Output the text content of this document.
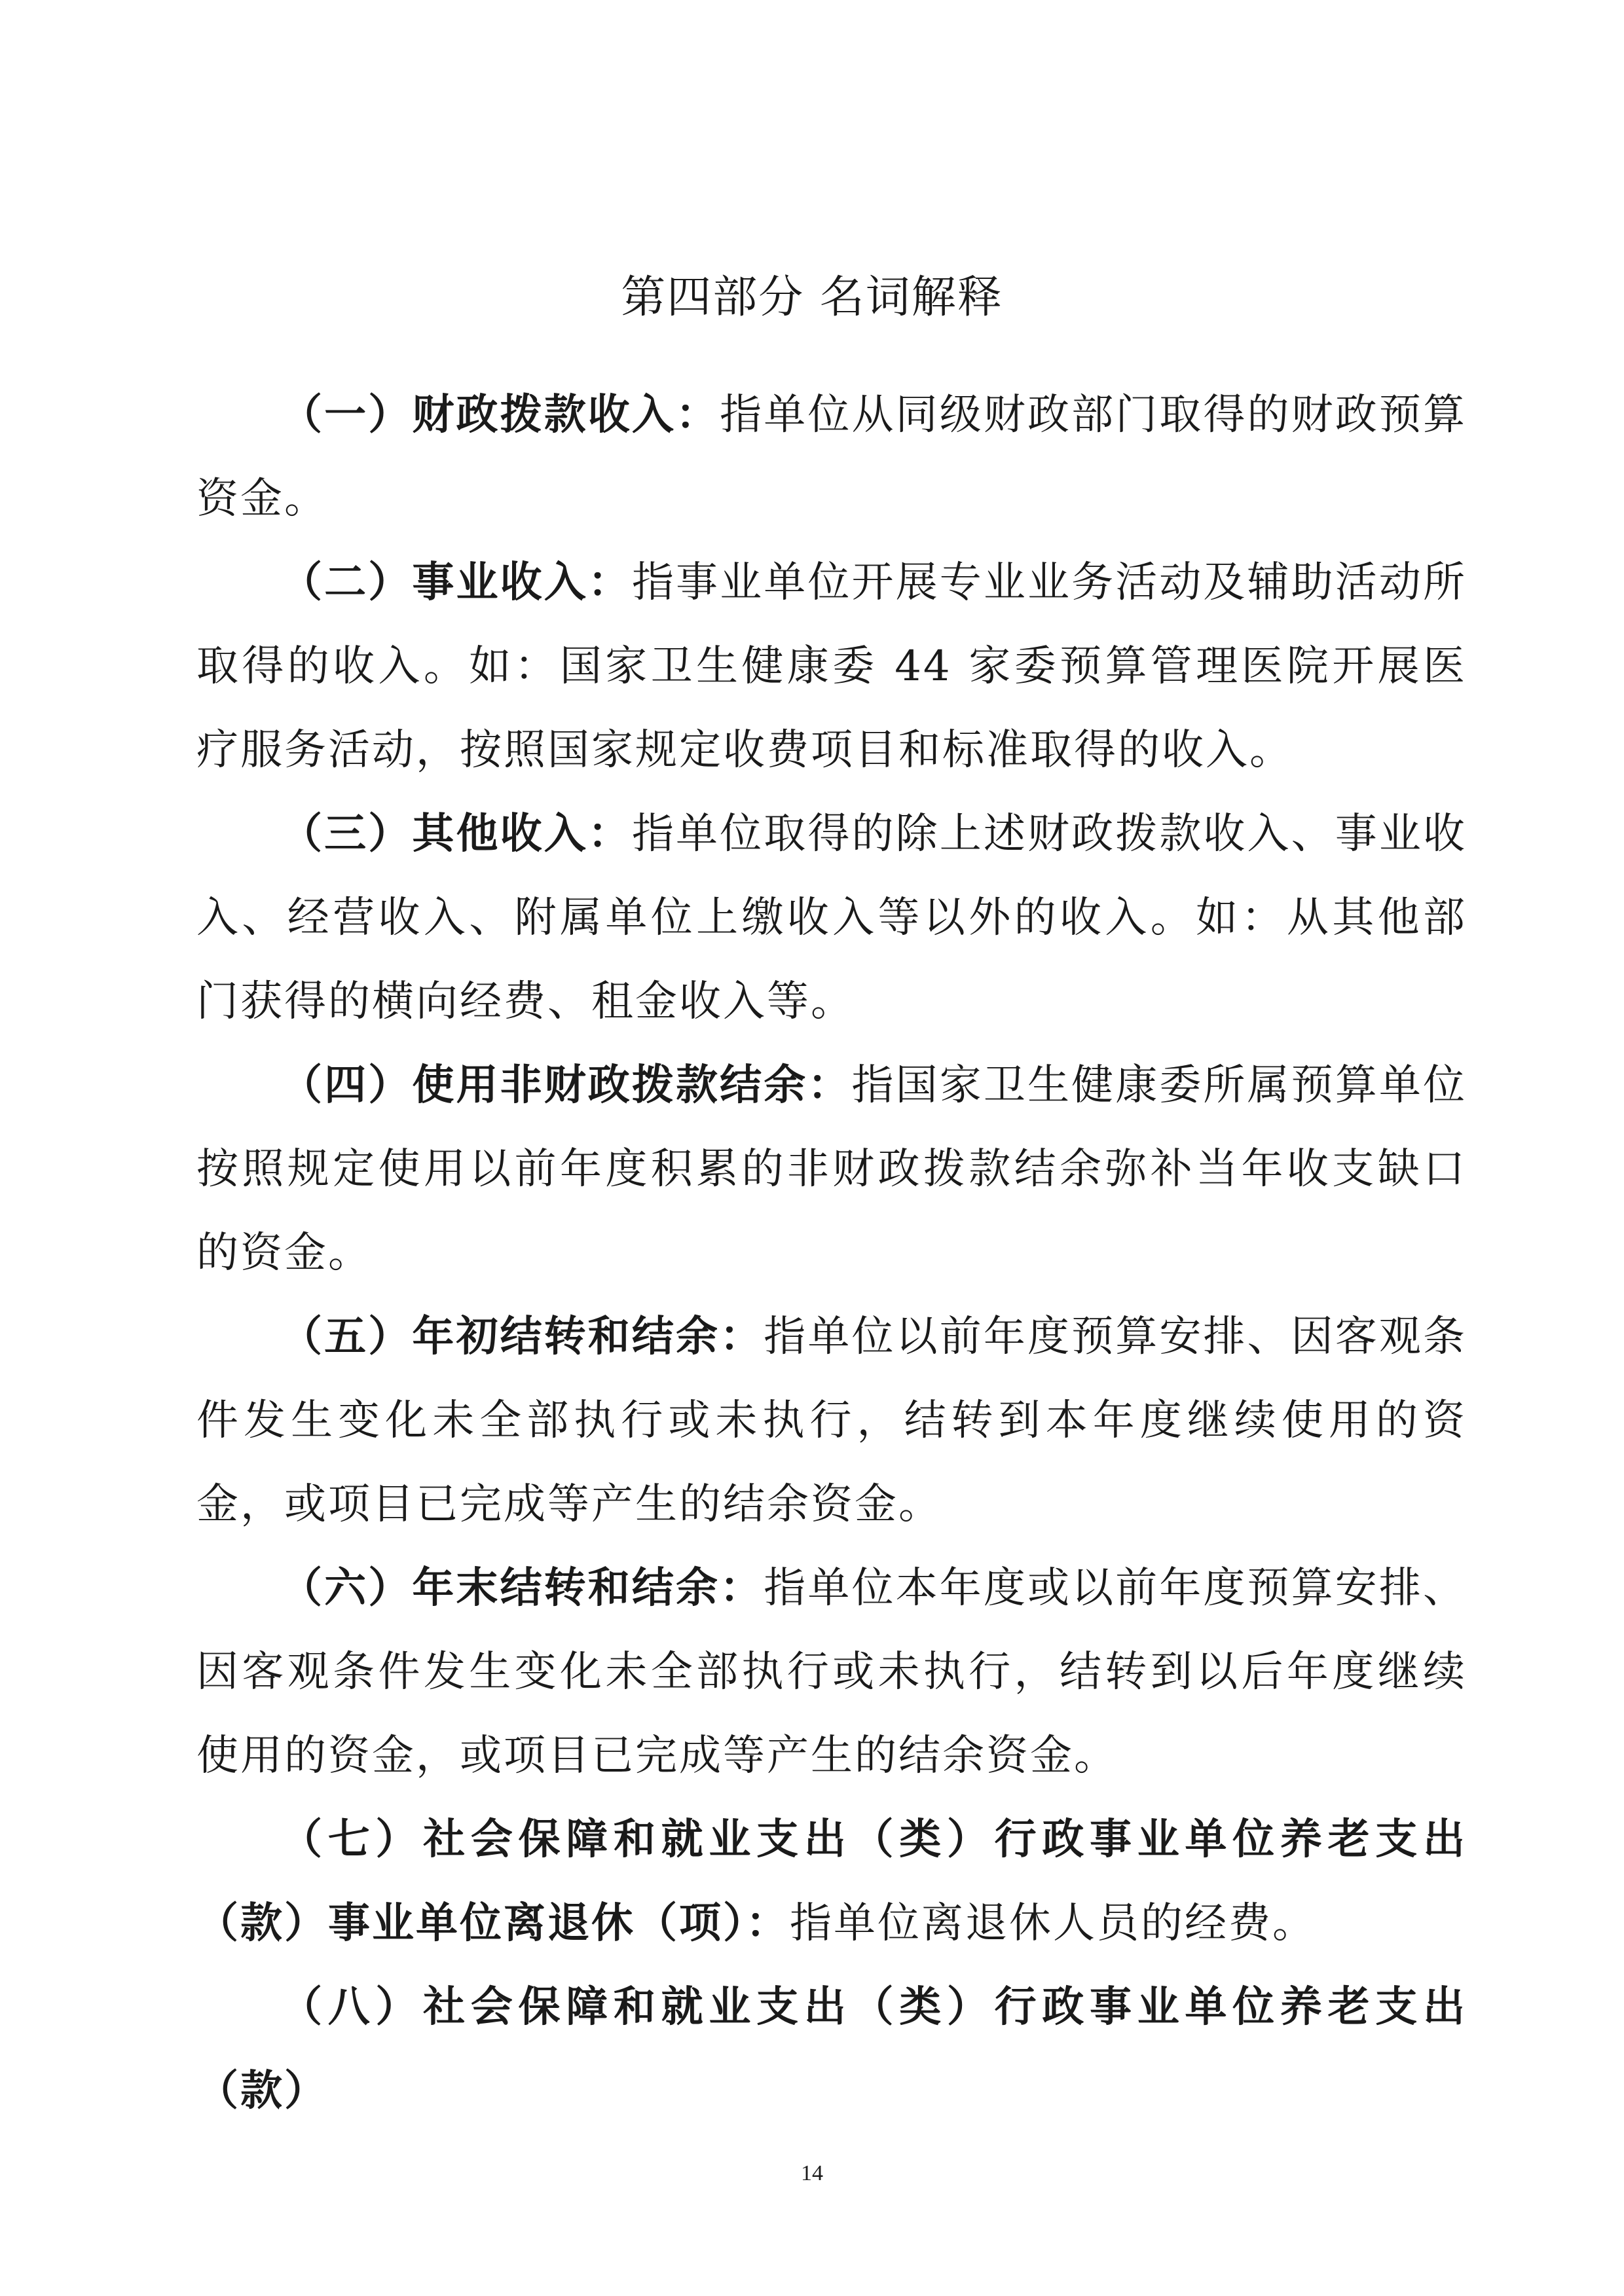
第四部分 名词解释

（一）财政拨款收入：指单位从同级财政部门取得的财政预算资金。

（二）事业收入：指事业单位开展专业业务活动及辅助活动所取得的收入。如：国家卫生健康委 44 家委预算管理医院开展医疗服务活动，按照国家规定收费项目和标准取得的收入。

（三）其他收入：指单位取得的除上述财政拨款收入、事业收入、经营收入、附属单位上缴收入等以外的收入。如：从其他部门获得的横向经费、租金收入等。

（四）使用非财政拨款结余：指国家卫生健康委所属预算单位按照规定使用以前年度积累的非财政拨款结余弥补当年收支缺口的资金。

（五）年初结转和结余：指单位以前年度预算安排、因客观条件发生变化未全部执行或未执行，结转到本年度继续使用的资金，或项目已完成等产生的结余资金。

（六）年末结转和结余：指单位本年度或以前年度预算安排、因客观条件发生变化未全部执行或未执行，结转到以后年度继续使用的资金，或项目已完成等产生的结余资金。

（七）社会保障和就业支出（类）行政事业单位养老支出（款）事业单位离退休（项）：指单位离退休人员的经费。

（八）社会保障和就业支出（类）行政事业单位养老支出（款）

14
